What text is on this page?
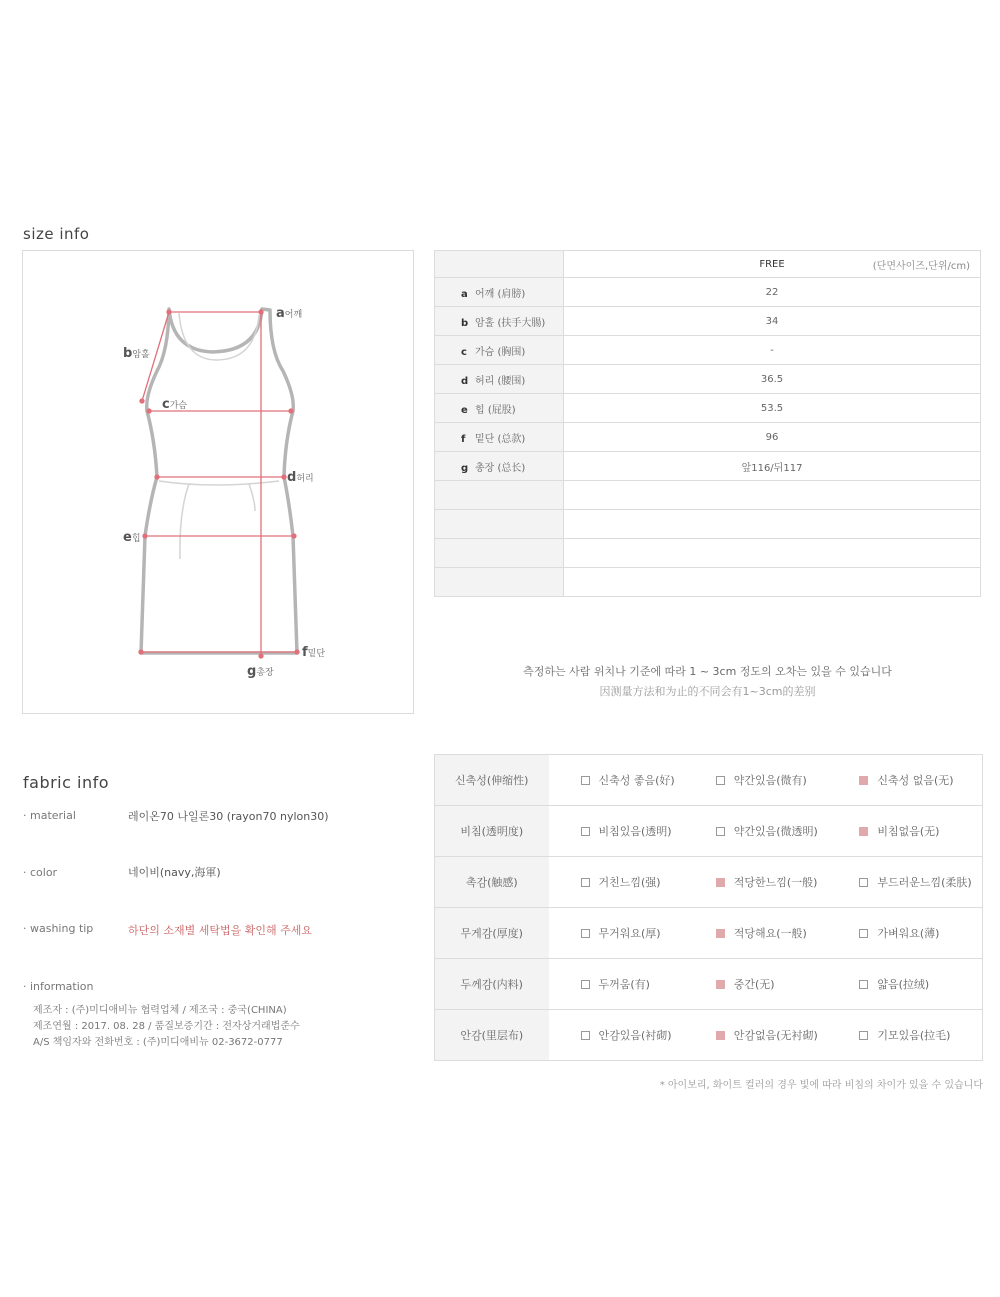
size info
a어깨
b암홀
c가슴
d허리
e힙
f밑단
g총장
	FREE (단면사이즈,단위/cm)

a 어깨 (肩膀)	22
b 암홀 (扶手大腸)	34
c 가슴 (胸围)	-
d 허리 (腰围)	36.5
e 힙 (屁股)	53.5
f 밑단 (总款)	96
g 총장 (总长)	앞116/뒤117

측정하는 사람 위치나 기준에 따라 1 ~ 3cm 정도의 오차는 있을 수 있습니다
因测量方法和为止的不同会有1~3cm的差别
fabric info
· material	레이온70 나일론30 (rayon70 nylon30)
· color	네이비(navy,海軍)
· washing tip	하단의 소재별 세탁법을 확인해 주세요
· information
제조자 : (주)미디애비뉴 협력업체 / 제조국 : 중국(CHINA)
제조연월 : 2017. 08. 28 / 품질보증기간 : 전자상거래법준수
A/S 책임자와 전화번호 : (주)미디애비뉴 02-3672-0777
신축성(伸缩性)	신축성 좋음(好)	약간있음(微有)	신축성 없음(无)
비침(透明度)	비침있음(透明)	약간있음(微透明)	비침없음(无)
촉감(触感)	거친느낌(强)	적당한느낌(一般)	부드러운느낌(柔肤)
무게감(厚度)	무거워요(厚)	적당해요(一般)	가벼워요(薄)
두께감(内料)	두꺼움(有)	중간(无)	얇음(拉绒)
안감(里层布)	안감있음(衬砌)	안감없음(无衬砌)	기모있음(拉毛)
* 아이보리, 화이트 컬러의 경우 빛에 따라 비침의 차이가 있을 수 있습니다
